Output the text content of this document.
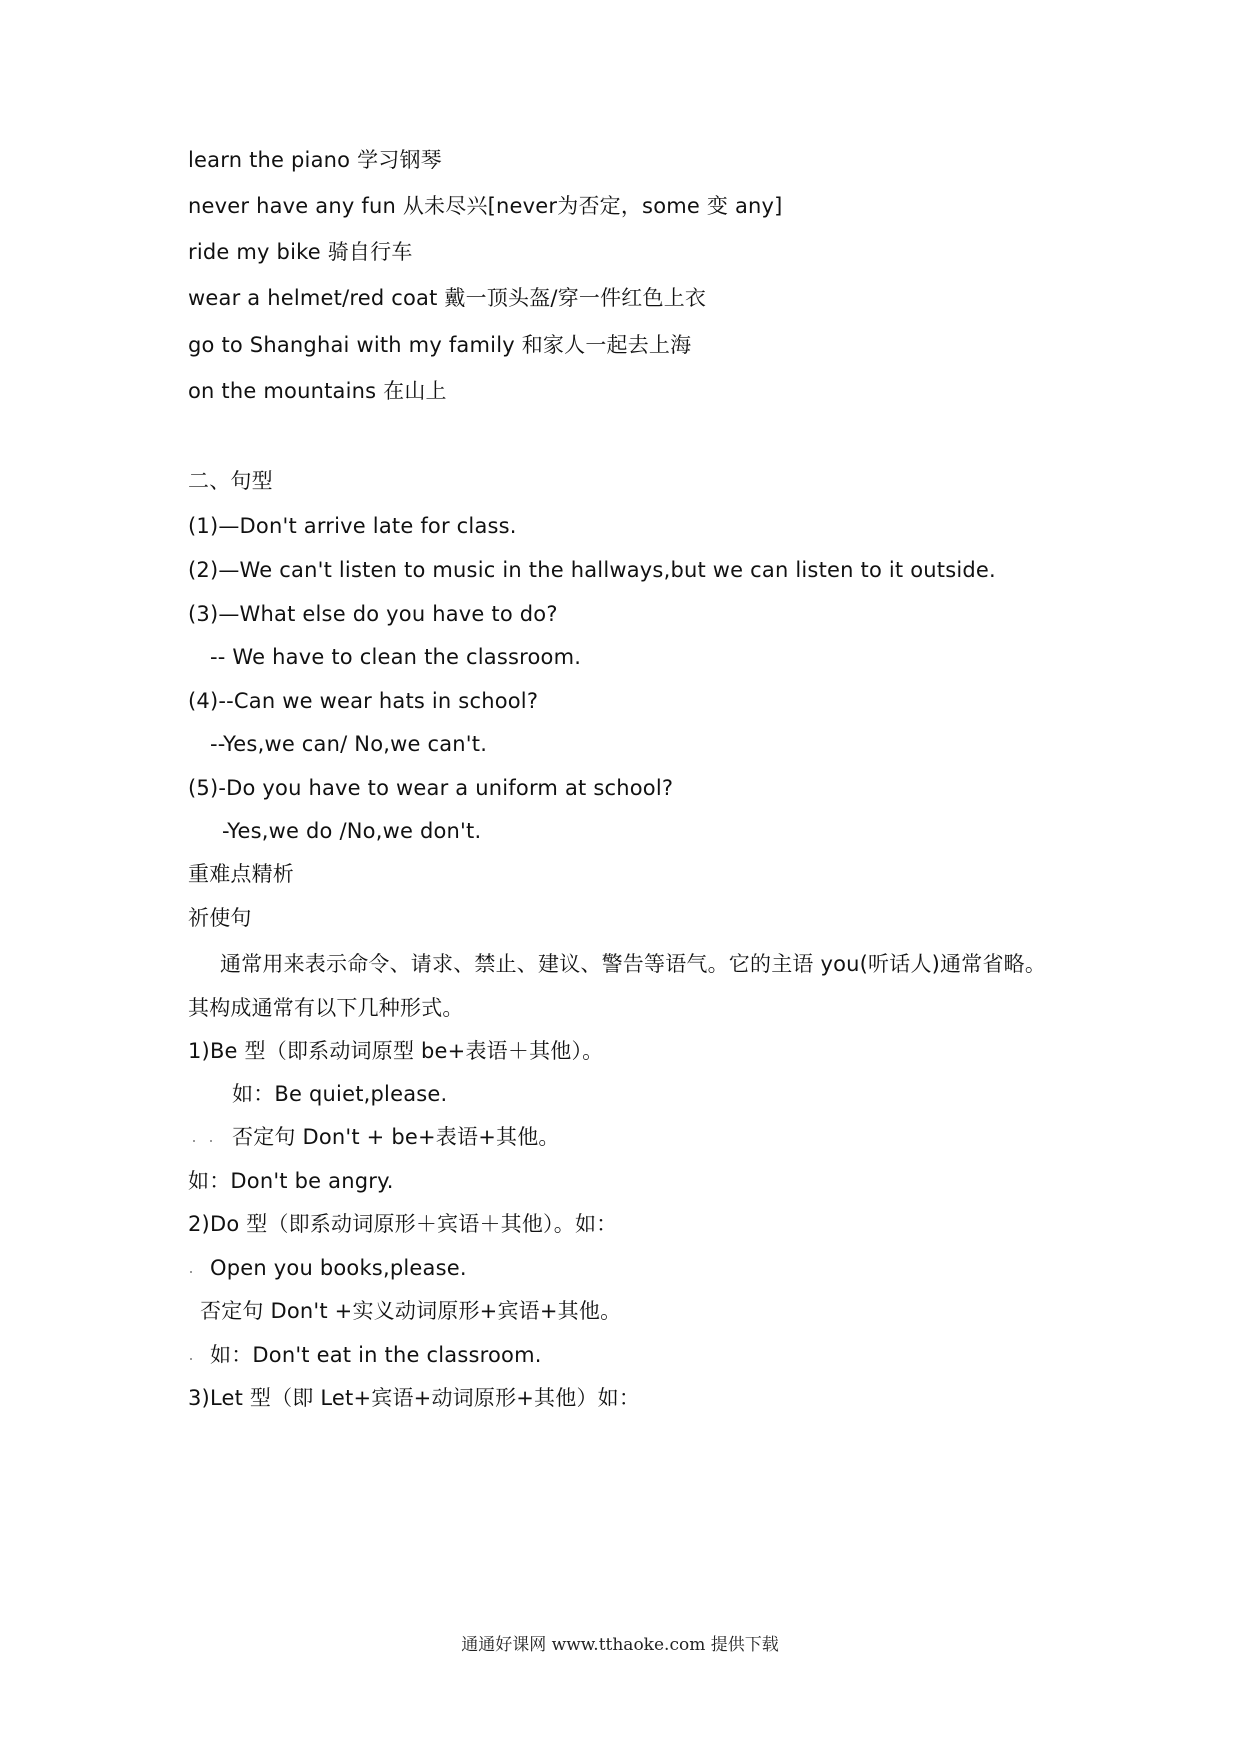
learn the piano 学习钢琴
never have any fun 从未尽兴[never为否定，some 变 any]
ride my bike 骑自行车
wear a helmet/red coat 戴一顶头盔/穿一件红色上衣
go to Shanghai with my family 和家人一起去上海
on the mountains 在山上
二、句型
(1)—Don't arrive late for class.
(2)—We can't listen to music in the hallways,but we can listen to it outside.
(3)—What else do you have to do?
-- We have to clean the classroom.
(4)--Can we wear hats in school?
--Yes,we can/ No,we can't.
(5)-Do you have to wear a uniform at school?
-Yes,we do /No,we don't.
重难点精析
祈使句
通常用来表示命令、请求、禁止、建议、警告等语气。它的主语 you(听话人)通常省略。
其构成通常有以下几种形式。
1)Be 型（即系动词原型 be+表语＋其他）。
如：Be quiet,please.
否定句 Don't + be+表语+其他。
如：Don't be angry.
2)Do 型（即系动词原形＋宾语＋其他）。如：
Open you books,please.
否定句 Don't +实义动词原形+宾语+其他。
如：Don't eat in the classroom.
3)Let 型（即 Let+宾语+动词原形+其他）如：
通通好课网 www.tthaoke.com 提供下载
